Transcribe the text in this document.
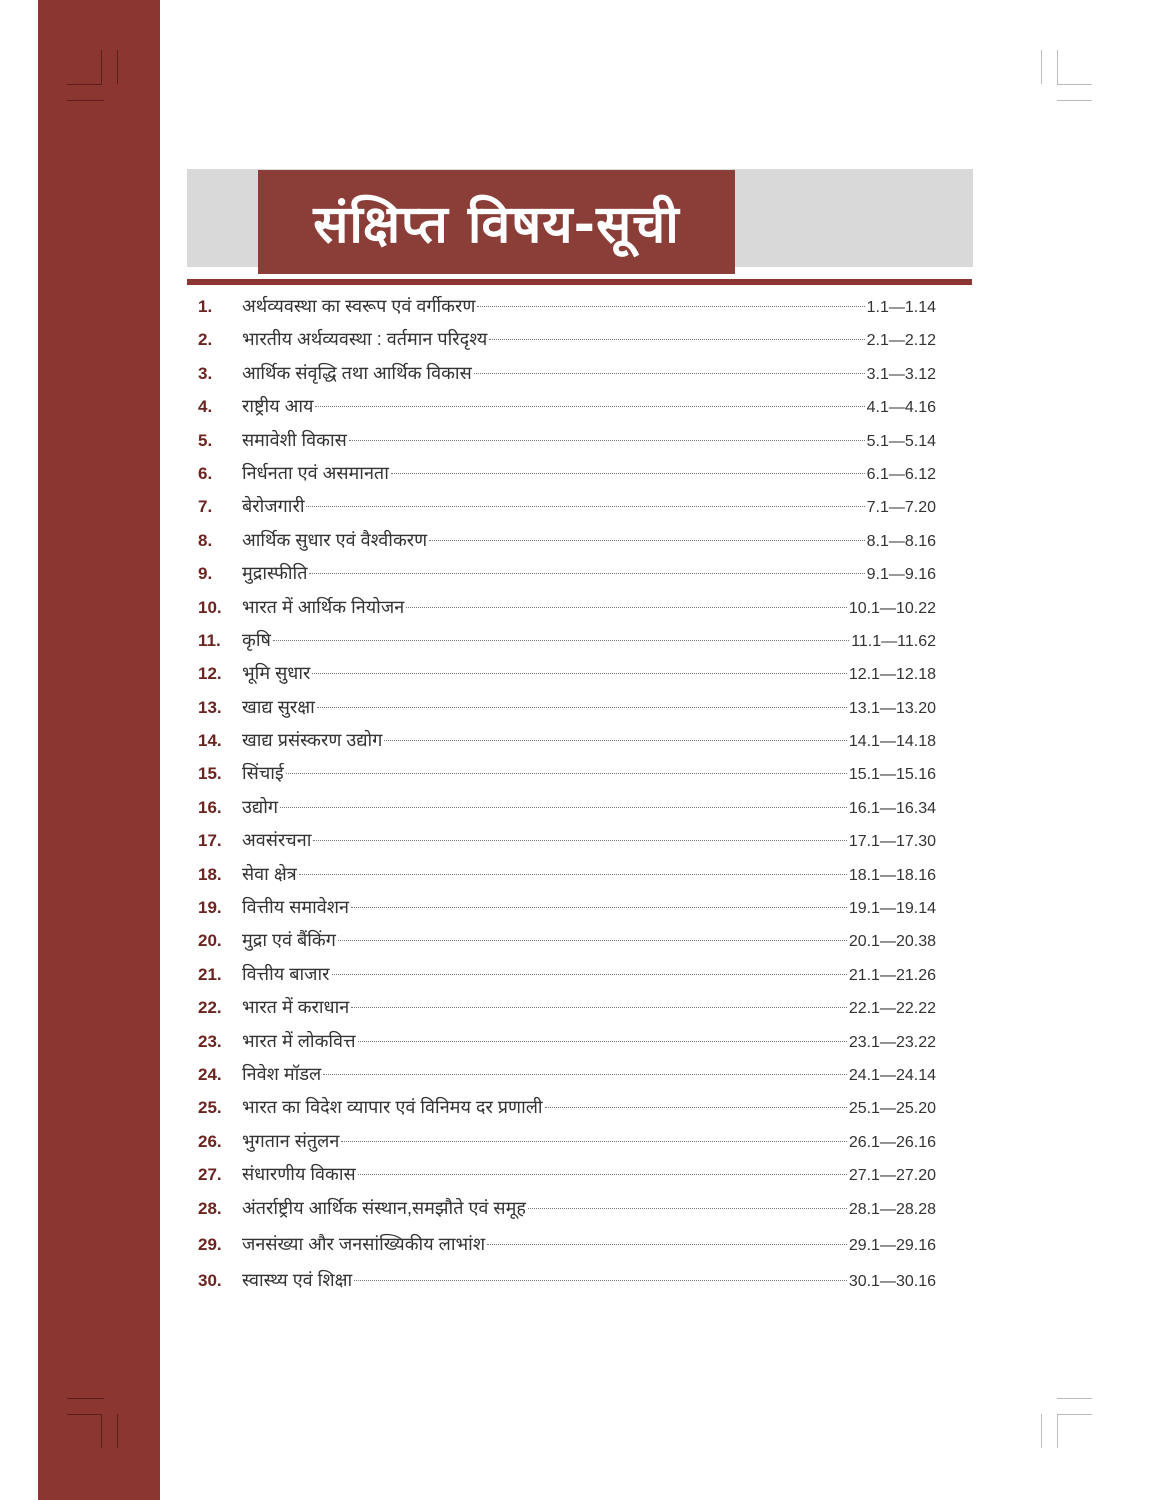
संक्षिप्त विषय-सूची
1.	अर्थव्यवस्था का स्वरूप एवं वर्गीकरण	1.1—1.14
2.	भारतीय अर्थव्यवस्था : वर्तमान परिदृश्य	2.1—2.12
3.	आर्थिक संवृद्धि तथा आर्थिक विकास	3.1—3.12
4.	राष्ट्रीय आय	4.1—4.16
5.	समावेशी विकास	5.1—5.14
6.	निर्धनता एवं असमानता	6.1—6.12
7.	बेरोजगारी	7.1—7.20
8.	आर्थिक सुधार एवं वैश्वीकरण	8.1—8.16
9.	मुद्रास्फीति	9.1—9.16
10.	भारत में आर्थिक नियोजन	10.1—10.22
11.	कृषि	11.1—11.62
12.	भूमि सुधार	12.1—12.18
13.	खाद्य सुरक्षा	13.1—13.20
14.	खाद्य प्रसंस्करण उद्योग	14.1—14.18
15.	सिंचाई	15.1—15.16
16.	उद्योग	16.1—16.34
17.	अवसंरचना	17.1—17.30
18.	सेवा क्षेत्र	18.1—18.16
19.	वित्तीय समावेशन	19.1—19.14
20.	मुद्रा एवं बैंकिंग	20.1—20.38
21.	वित्तीय बाजार	21.1—21.26
22.	भारत में कराधान	22.1—22.22
23.	भारत में लोकवित्त	23.1—23.22
24.	निवेश मॉडल	24.1—24.14
25.	भारत का विदेश व्यापार एवं विनिमय दर प्रणाली	25.1—25.20
26.	भुगतान संतुलन	26.1—26.16
27.	संधारणीय विकास	27.1—27.20
28.	अंतर्राष्ट्रीय आर्थिक संस्थान,समझौते एवं समूह	28.1—28.28
29.	जनसंख्या और जनसांख्यिकीय लाभांश	29.1—29.16
30.	स्वास्थ्य एवं शिक्षा	30.1—30.16
